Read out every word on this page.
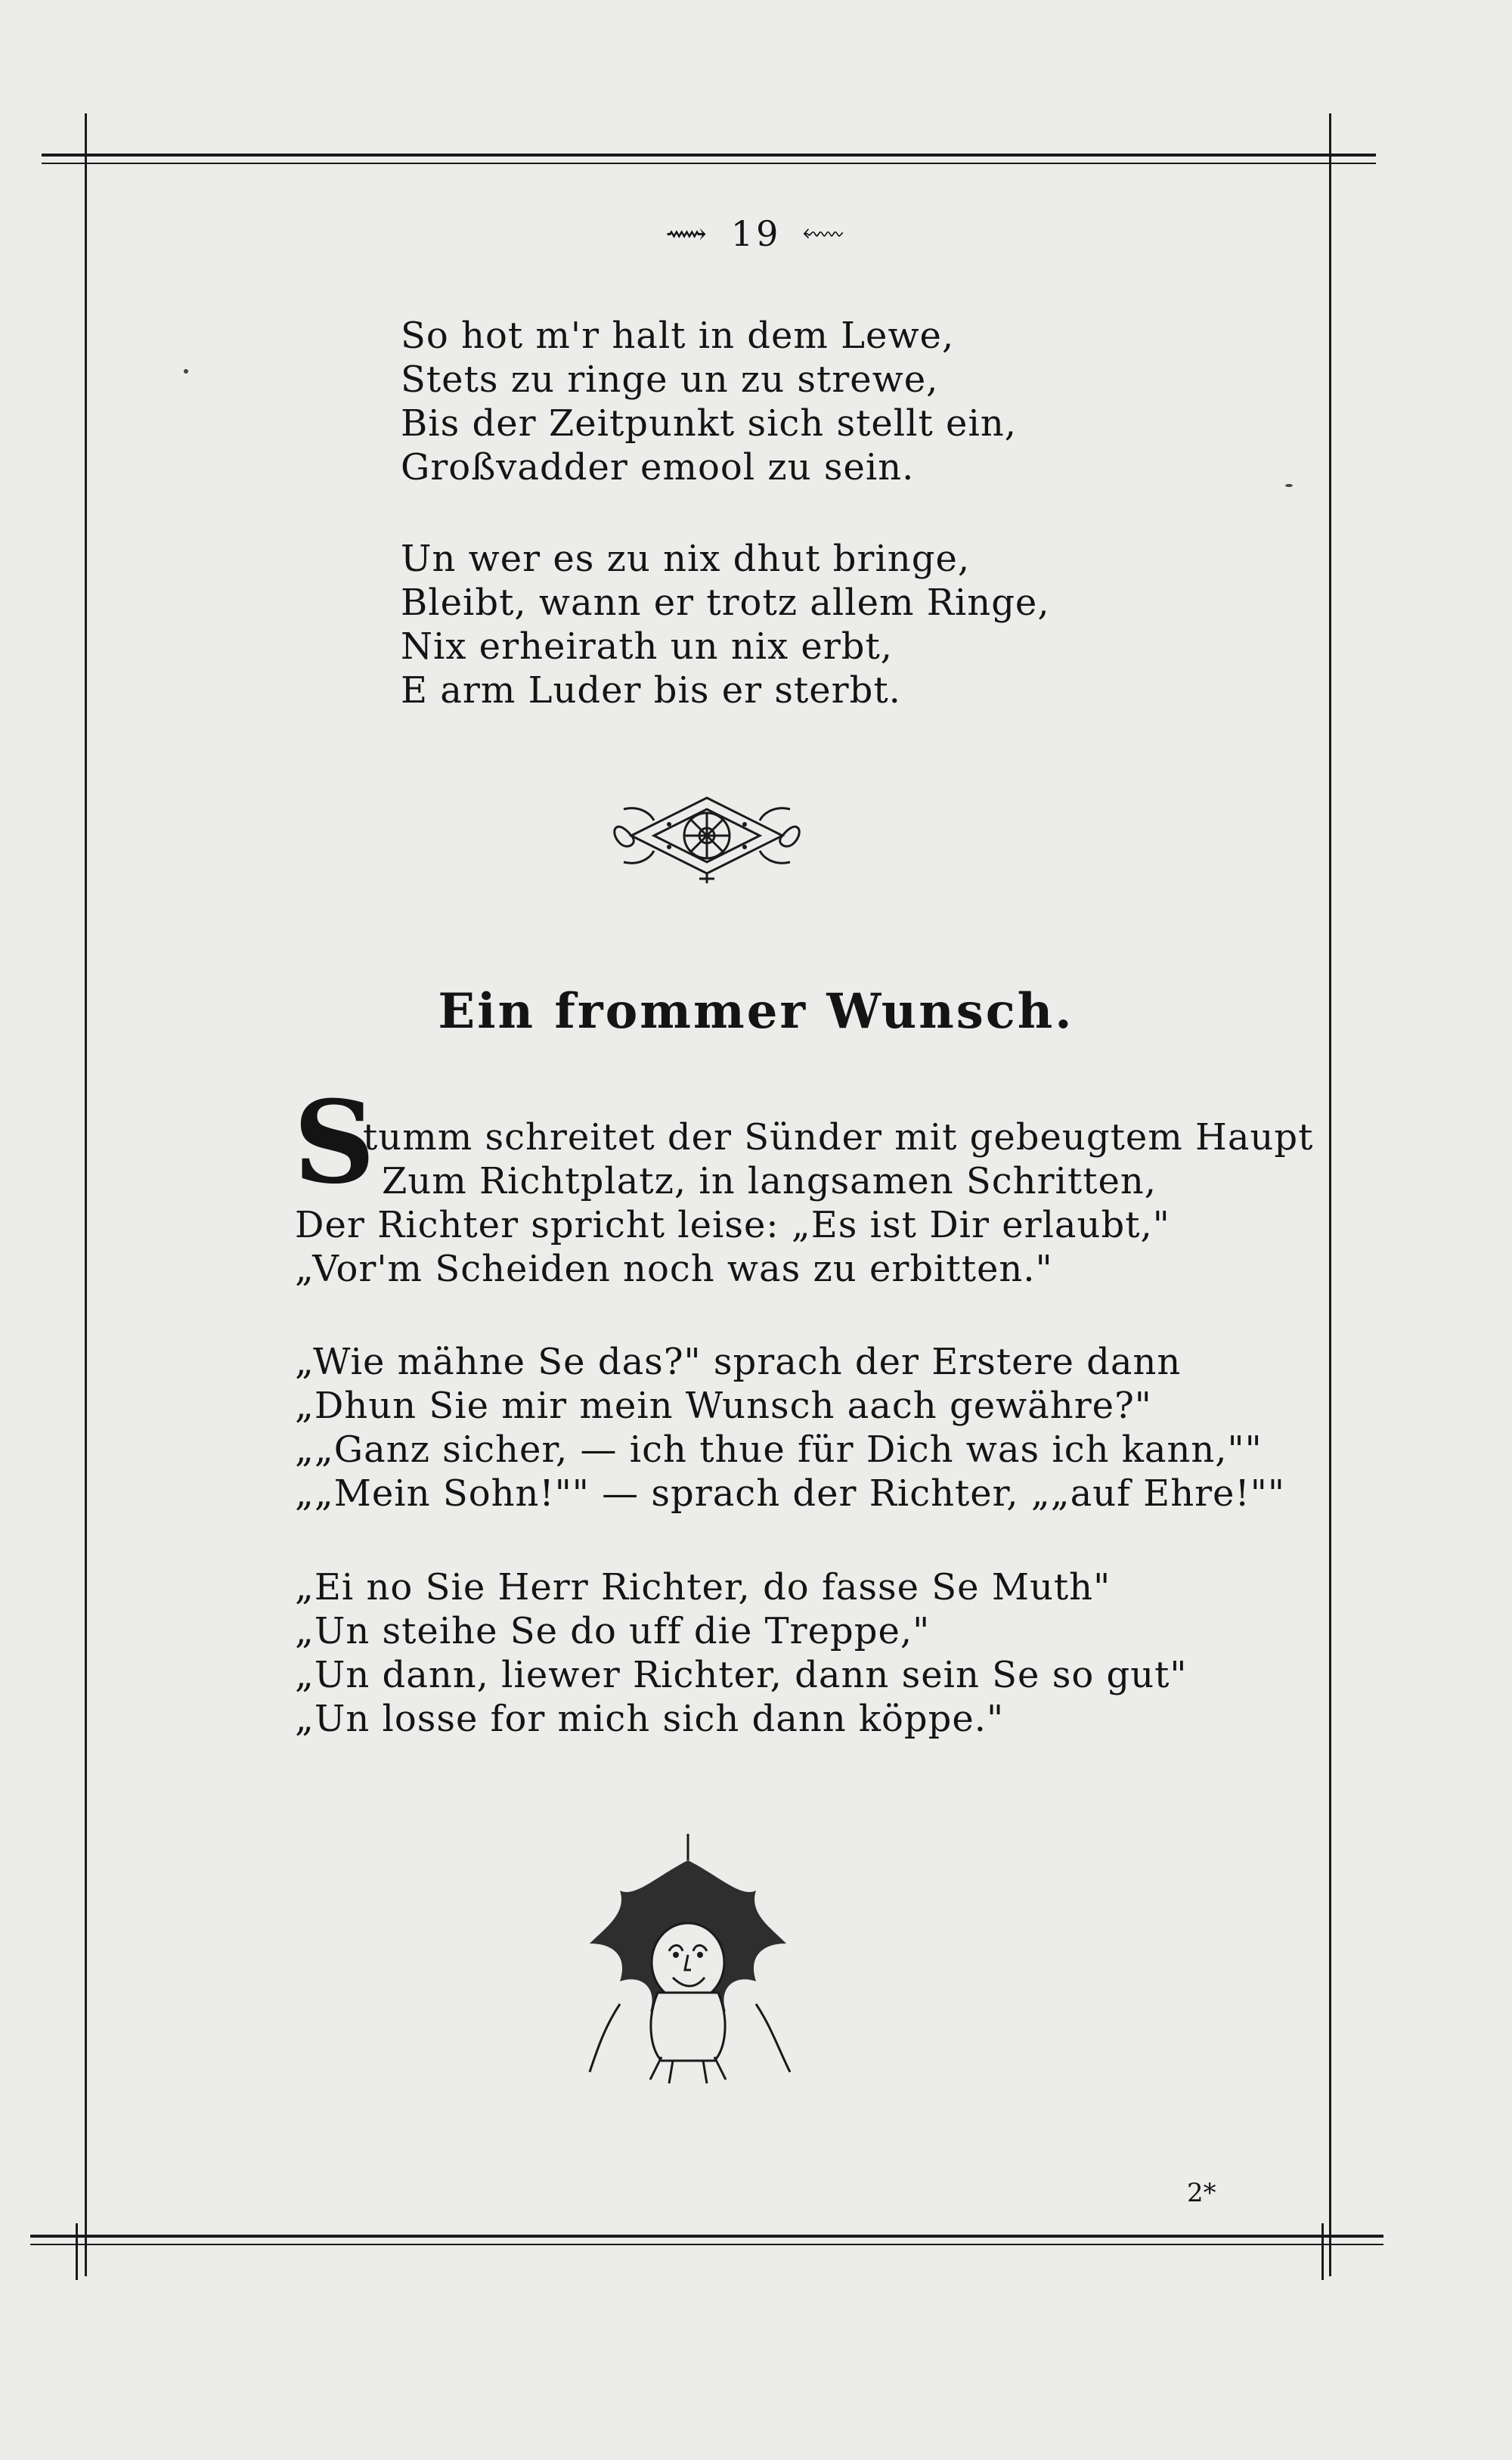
⟿ 19 ⬳
So hot m'r halt in dem Lewe,
Stets zu ringe un zu strewe,
Bis der Zeitpunkt sich stellt ein,
Großvadder emool zu sein.
Un wer es zu nix dhut bringe,
Bleibt, wann er trotz allem Ringe,
Nix erheirath un nix erbt,
E arm Luder bis er sterbt.
Ein frommer Wunsch.
S
tumm schreitet der Sünder mit gebeugtem Haupt
Zum Richtplatz, in langsamen Schritten,
Der Richter spricht leise: „Es ist Dir erlaubt,"
„Vor'm Scheiden noch was zu erbitten."
„Wie mähne Se das?" sprach der Erstere dann
„Dhun Sie mir mein Wunsch aach gewähre?"
„„Ganz sicher, — ich thue für Dich was ich kann,""
„„Mein Sohn!"" — sprach der Richter, „„auf Ehre!""
„Ei no Sie Herr Richter, do fasse Se Muth"
„Un steihe Se do uff die Treppe,"
„Un dann, liewer Richter, dann sein Se so gut"
„Un losse for mich sich dann köppe."
2*
